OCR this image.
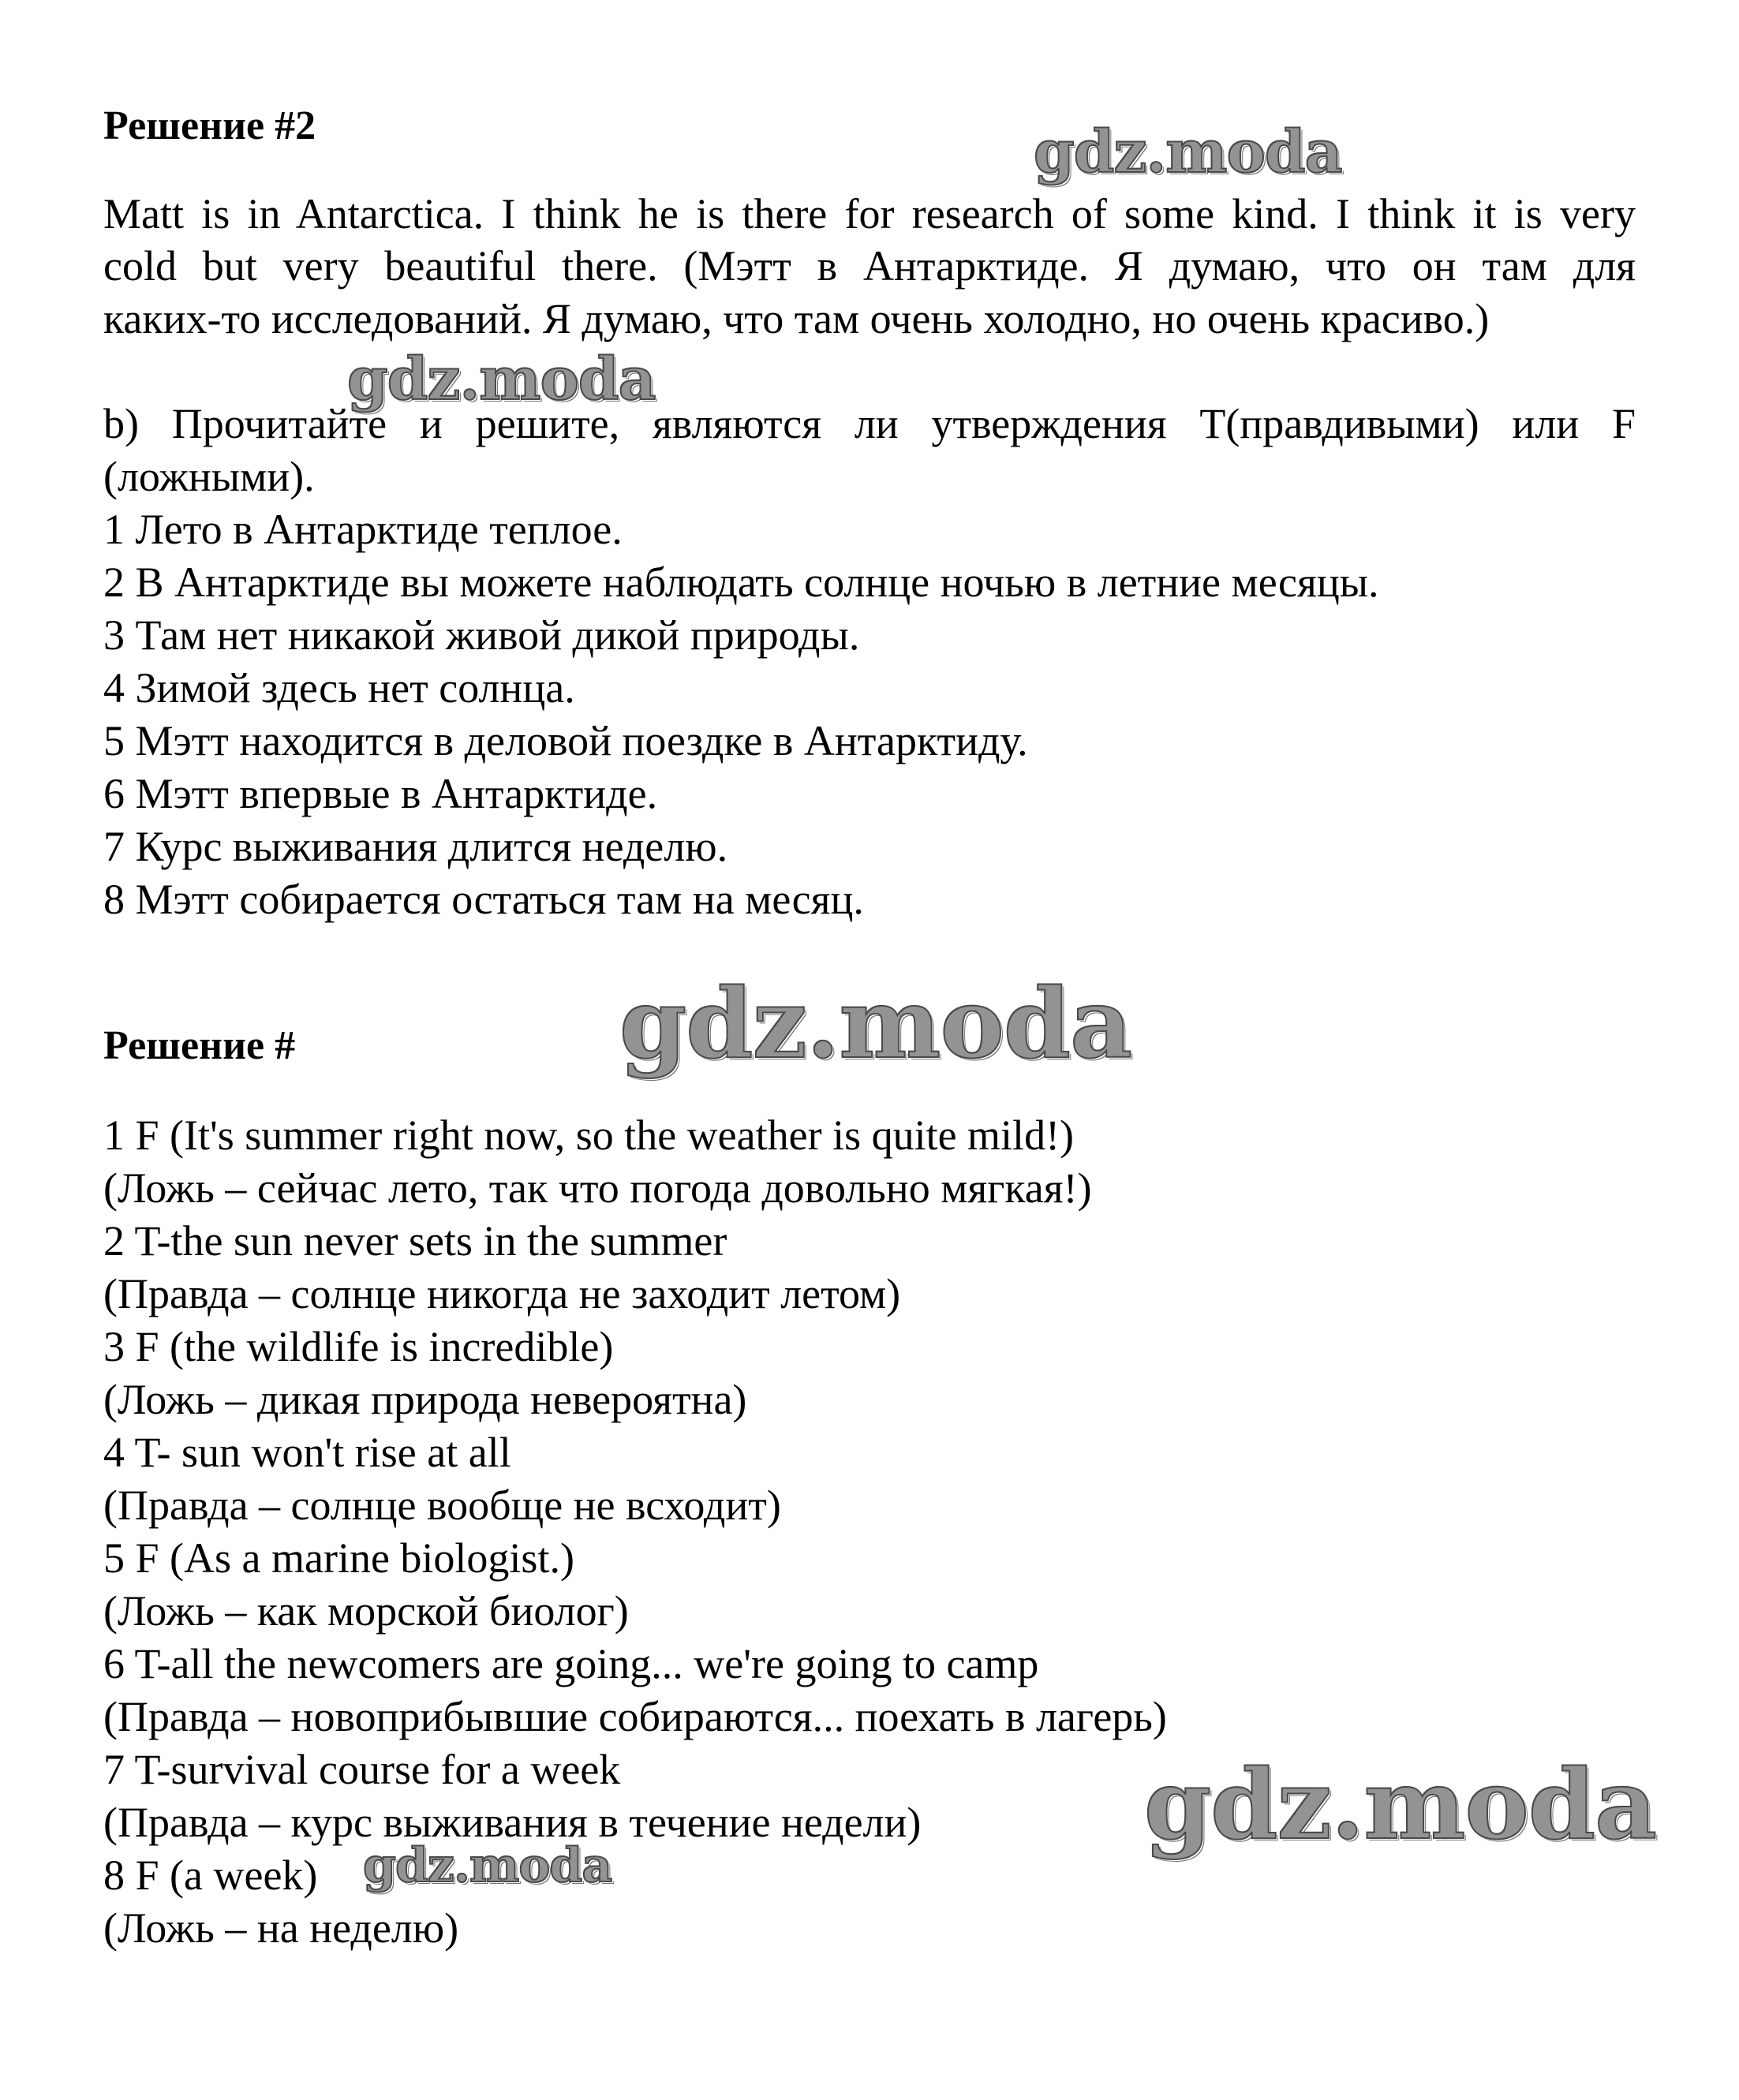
Решение #2
Matt is in Antarctica. I think he is there for research of some kind. I think it is very
cold but very beautiful there. (Мэтт в Антарктиде. Я думаю, что он там для
каких-то исследований. Я думаю, что там очень холодно, но очень красиво.)
b) Прочитайте и решите, являются ли утверждения Т(правдивыми) или F
(ложными).
1 Лето в Антарктиде теплое.
2 В Антарктиде вы можете наблюдать солнце ночью в летние месяцы.
3 Там нет никакой живой дикой природы.
4 Зимой здесь нет солнца.
5 Мэтт находится в деловой поездке в Антарктиду.
6 Мэтт впервые в Антарктиде.
7 Курс выживания длится неделю.
8 Мэтт собирается остаться там на месяц.
Решение #
1 F (It's summer right now, so the weather is quite mild!)
(Ложь – сейчас лето, так что погода довольно мягкая!)
2 T-the sun never sets in the summer
(Правда – солнце никогда не заходит летом)
3 F (the wildlife is incredible)
(Ложь – дикая природа невероятна)
4 T- sun won't rise at all
(Правда – солнце вообще не всходит)
5 F (As a marine biologist.)
(Ложь – как морской биолог)
6 T-all the newcomers are going... we're going to camp
(Правда – новоприбывшие собираются... поехать в лагерь)
7 T-survival course for a week
(Правда – курс выживания в течение недели)
8 F (a week)
(Ложь – на неделю)
gdz.moda
gdz.moda
gdz.moda
gdz.moda
gdz.moda
